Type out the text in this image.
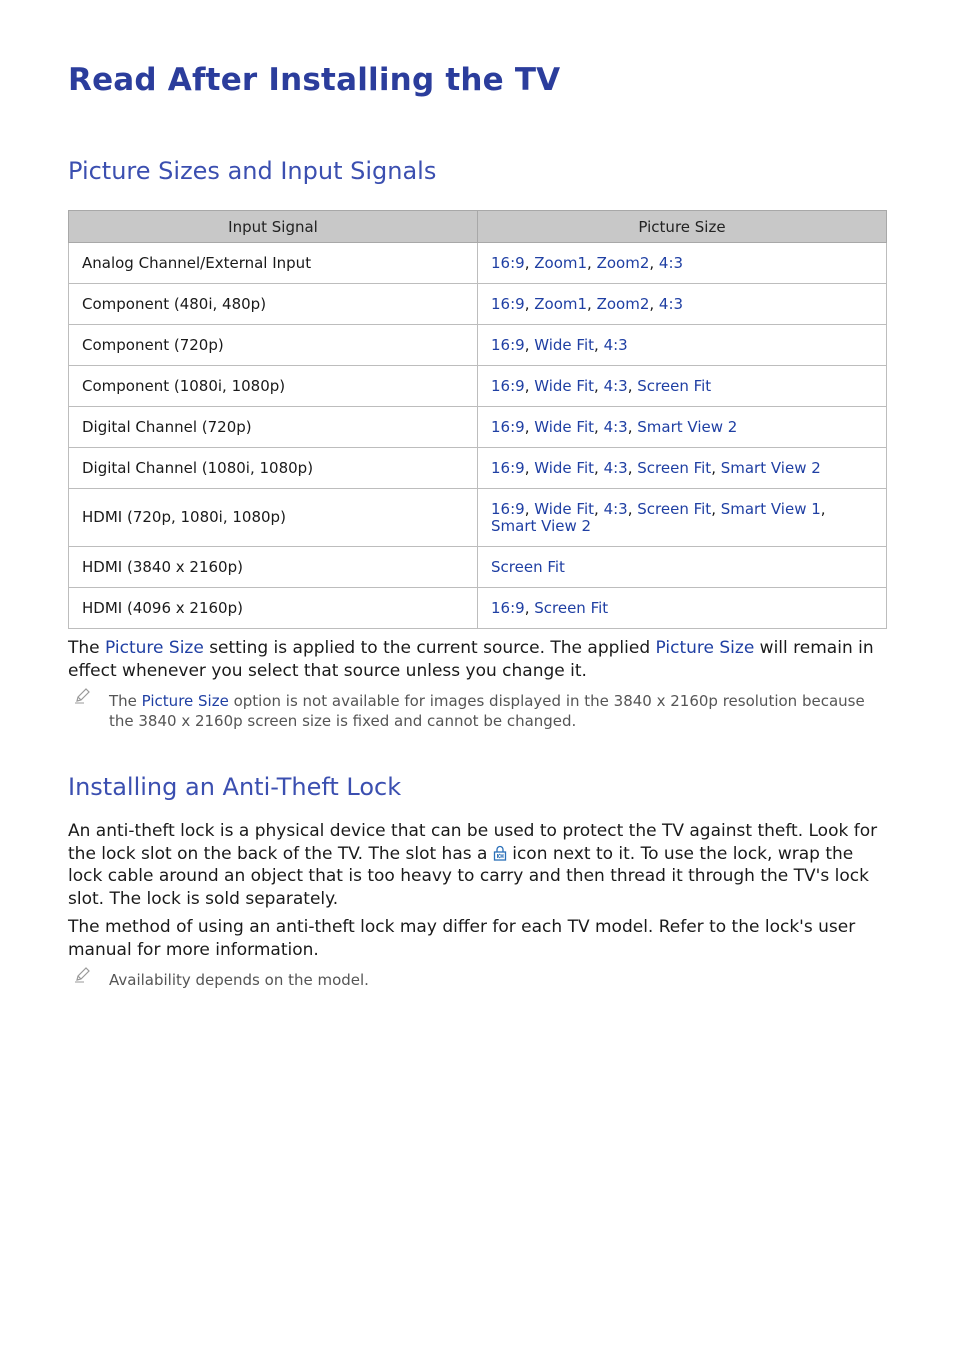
Read After Installing the TV
Picture Sizes and Input Signals
Input Signal	Picture Size
Analog Channel/External Input	16:9, Zoom1, Zoom2, 4:3
Component (480i, 480p)	16:9, Zoom1, Zoom2, 4:3
Component (720p)	16:9, Wide Fit, 4:3
Component (1080i, 1080p)	16:9, Wide Fit, 4:3, Screen Fit
Digital Channel (720p)	16:9, Wide Fit, 4:3, Smart View 2
Digital Channel (1080i, 1080p)	16:9, Wide Fit, 4:3, Screen Fit, Smart View 2
HDMI (720p, 1080i, 1080p)	16:9, Wide Fit, 4:3, Screen Fit, Smart View 1, Smart View 2
HDMI (3840 x 2160p)	Screen Fit
HDMI (4096 x 2160p)	16:9, Screen Fit

The Picture Size setting is applied to the current source. The applied Picture Size will remain in effect whenever you select that source unless you change it.

The Picture Size option is not available for images displayed in the 3840 x 2160p resolution because the 3840 x 2160p screen size is fixed and cannot be changed.
Installing an Anti-Theft Lock

An anti-theft lock is a physical device that can be used to protect the TV against theft. Look for the lock slot on the back of the TV. The slot has a  icon next to it. To use the lock, wrap the lock cable around an object that is too heavy to carry and then thread it through the TV's lock slot. The lock is sold separately.

The method of using an anti-theft lock may differ for each TV model. Refer to the lock's user manual for more information.

Availability depends on the model.
